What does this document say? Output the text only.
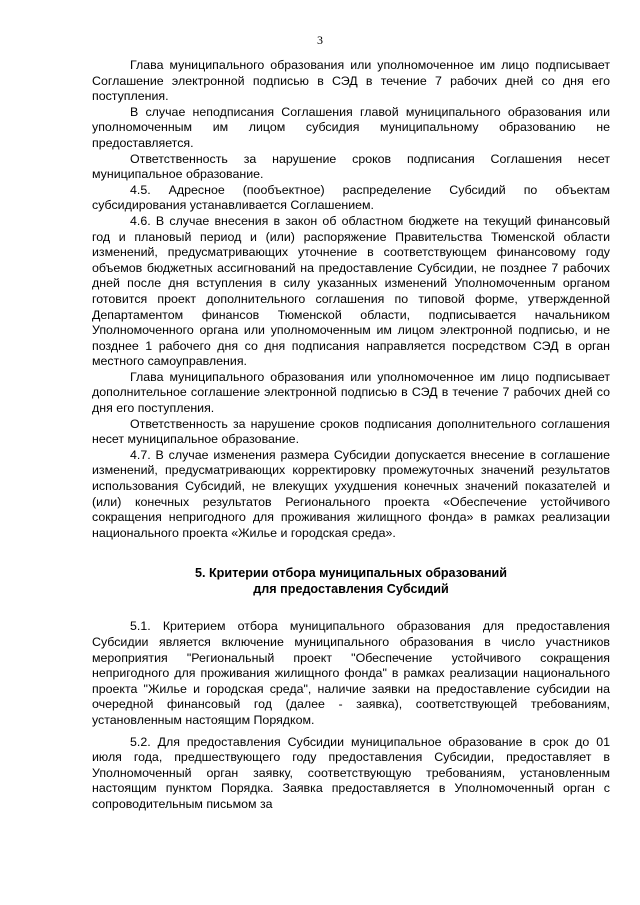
3

Глава муниципального образования или уполномоченное им лицо подписывает Соглашение электронной подписью в СЭД в течение 7 рабочих дней со дня его поступления.

В случае неподписания Соглашения главой муниципального образования или уполномоченным им лицом субсидия муниципальному образованию не предоставляется.

Ответственность за нарушение сроков подписания Соглашения несет муниципальное образование.

4.5. Адресное (пообъектное) распределение Субсидий по объектам субсидирования устанавливается Соглашением.

4.6. В случае внесения в закон об областном бюджете на текущий финансовый год и плановый период и (или) распоряжение Правительства Тюменской области изменений, предусматривающих уточнение в соответствующем финансовому году объемов бюджетных ассигнований на предоставление Субсидии, не позднее 7 рабочих дней после дня вступления в силу указанных изменений Уполномоченным органом готовится проект дополнительного соглашения по типовой форме, утвержденной Департаментом финансов Тюменской области, подписывается начальником Уполномоченного органа или уполномоченным им лицом электронной подписью, и не позднее 1 рабочего дня со дня подписания направляется посредством СЭД в орган местного самоуправления.

Глава муниципального образования или уполномоченное им лицо подписывает дополнительное соглашение электронной подписью в СЭД в течение 7 рабочих дней со дня его поступления.

Ответственность за нарушение сроков подписания дополнительного соглашения несет муниципальное образование.

4.7. В случае изменения размера Субсидии допускается внесение в соглашение изменений, предусматривающих корректировку промежуточных значений результатов использования Субсидий, не влекущих ухудшения конечных значений показателей и (или) конечных результатов Регионального проекта «Обеспечение устойчивого сокращения непригодного для проживания жилищного фонда» в рамках реализации национального проекта «Жилье и городская среда».

5. Критерии отбора муниципальных образований
для предоставления Субсидий

5.1. Критерием отбора муниципального образования для предоставления Субсидии является включение муниципального образования в число участников мероприятия "Региональный проект "Обеспечение устойчивого сокращения непригодного для проживания жилищного фонда" в рамках реализации национального проекта "Жилье и городская среда", наличие заявки на предоставление субсидии на очередной финансовый год (далее - заявка), соответствующей требованиям, установленным настоящим Порядком.

5.2. Для предоставления Субсидии муниципальное образование в срок до 01 июля года, предшествующего году предоставления Субсидии, предоставляет в Уполномоченный орган заявку, соответствующую требованиям, установленным настоящим пунктом Порядка. Заявка предоставляется в Уполномоченный орган с сопроводительным письмом за
